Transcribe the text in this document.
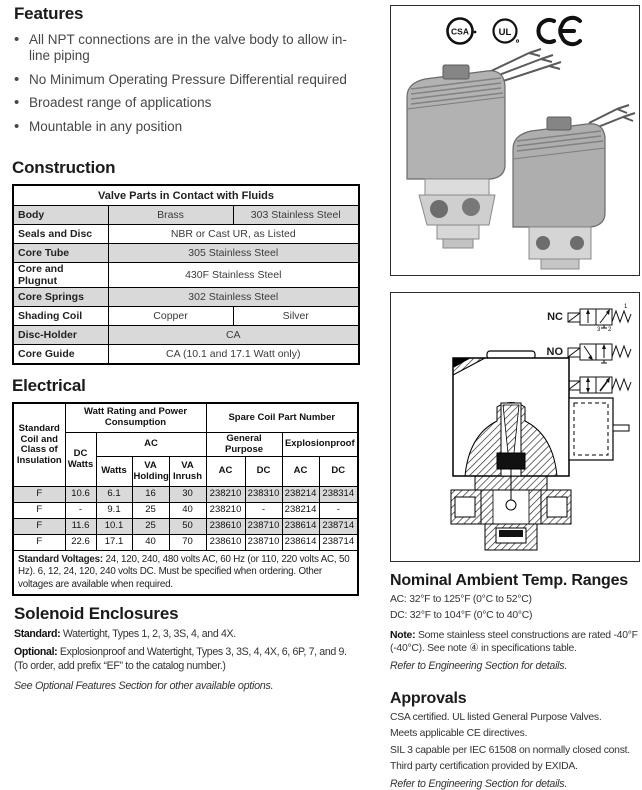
Features
• All NPT connections are in the valve body to allow in-line piping
• No Minimum Operating Pressure Differential required
• Broadest range of applications
• Mountable in any position
Construction
Valve Parts in Contact with Fluids		
Body	Brass	303 Stainless Steel
Seals and Disc	NBR or Cast UR, as Listed	
Core Tube	305 Stainless Steel	
Core and Plugnut	430F Stainless Steel	
Core Springs	302 Stainless Steel	
Shading Coil	Copper	Silver
Disc-Holder	CA	
Core Guide	CA (10.1 and 17.1 Watt only)	
Electrical
Standard Coil and Class of Insulation	Watt Rating and Power Consumption				Spare Coil Part Number			
	DC Watts	AC			General Purpose		Explosionproof	
		Watts	VA Holding	VA Inrush	AC	DC	AC	DC
F	10.6	6.1	16	30	238210	238310	238214	238314
F	-	9.1	25	40	238210	-	238214	-
F	11.6	10.1	25	50	238610	238710	238614	238714
F	22.6	17.1	40	70	238610	238710	238614	238714
Standard Voltages: 24, 120, 240, 480 volts AC, 60 Hz (or 110, 220 volts AC, 50 Hz). 6, 12, 24, 120, 240 volts DC. Must be specified when ordering. Other voltages are available when required.								
Solenoid Enclosures

Standard: Watertight, Types 1, 2, 3, 3S, 4, and 4X.

Optional: Explosionproof and Watertight, Types 3, 3S, 4, 4X, 6, 6P, 7, and 9.
(To order, add prefix “EF” to the catalog number.)

See Optional Features Section for other available options.

CSA	UL
NC
1
3 2
NO
Nominal Ambient Temp. Ranges

AC: 32°F to 125°F (0°C to 52°C)

DC: 32°F to 104°F (0°C to 40°C)

Note: Some stainless steel constructions are rated -40°F (-40°C). See note ④ in specifications table.

Refer to Engineering Section for details.

Approvals

CSA certified. UL listed General Purpose Valves.

Meets applicable CE directives.

SIL 3 capable per IEC 61508 on normally closed const.

Third party certification provided by EXIDA.

Refer to Engineering Section for details.
